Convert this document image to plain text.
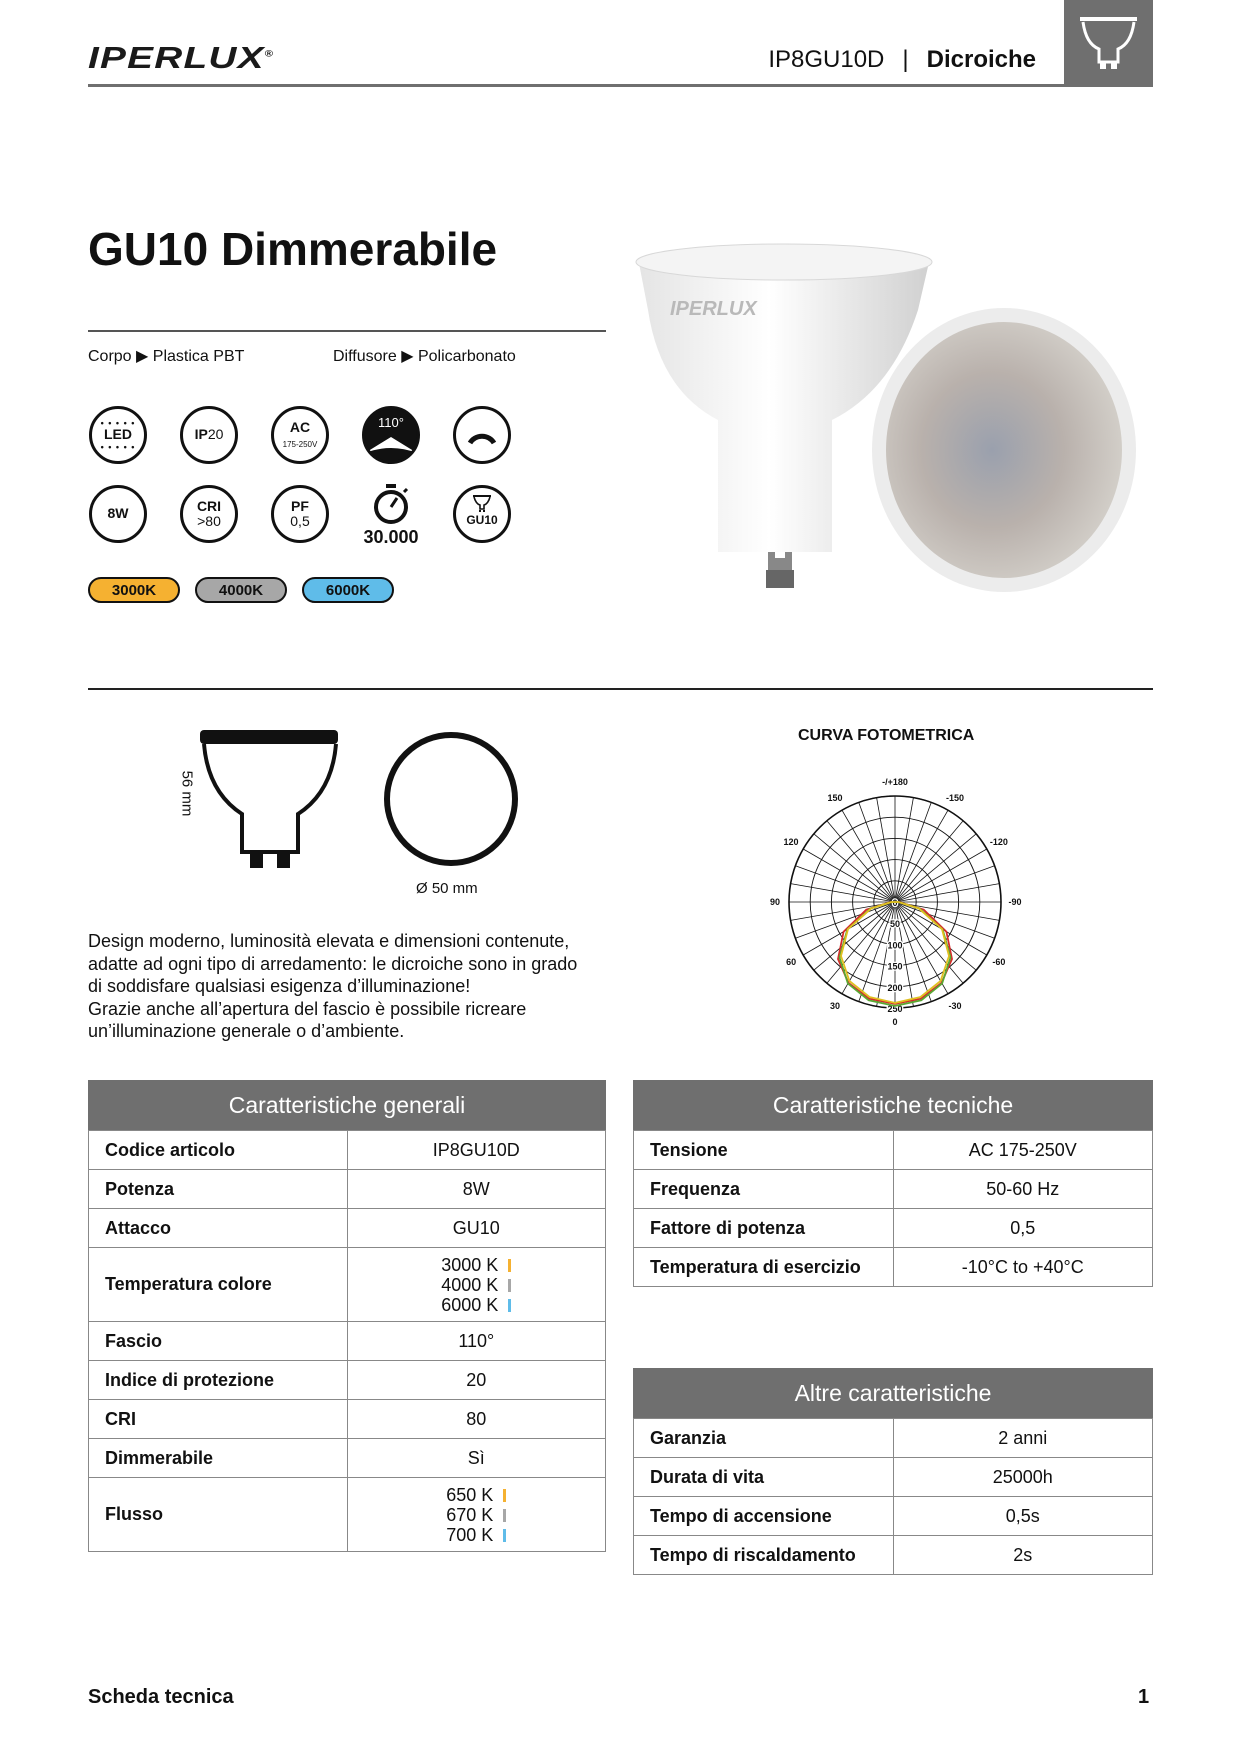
IPERLUX®	IP8GU10D | Dicroiche
GU10 Dimmerabile
Corpo ▶ Plastica PBT	Diffusore ▶ Policarbonato
• • • • •
LED
• • • • •
IP 20	AC
175-250V
110°
8W	CRI
>80
PF
0,5
30.000
GU10
3000K	4000K	6000K
IPERLUX
56 mm
Ø 50 mm

Design moderno, luminosità elevata e dimensioni contenute,

adatte ad ogni tipo di arredamento: le dicroiche sono in grado

di soddisfare qualsiasi esigenza d’illuminazione!

Grazie anche all’apertura del fascio è possibile ricreare

un’illuminazione generale o d’ambiente.

CURVA FOTOMETRICA
0
50
100
150
200
250
-/+180
150
120
90
60
30
0
-30
-60
-90
-120
-150
Caratteristiche generali
Codice articolo	IP8GU10D
Potenza	8W
Attacco	GU10
Temperatura colore	3000 K
4000 K
6000 K

Fascio	110°
Indice di protezione	20
CRI	80
Dimmerabile	Sì
Flusso	650 K
670 K
700 K
Caratteristiche tecniche
Tensione	AC 175-250V
Frequenza	50-60 Hz
Fattore di potenza	0,5
Temperatura di esercizio	-10°C to +40°C
Altre caratteristiche
Garanzia	2 anni
Durata di vita	25000h
Tempo di accensione	0,5s
Tempo di riscaldamento	2s
Scheda tecnica	1
